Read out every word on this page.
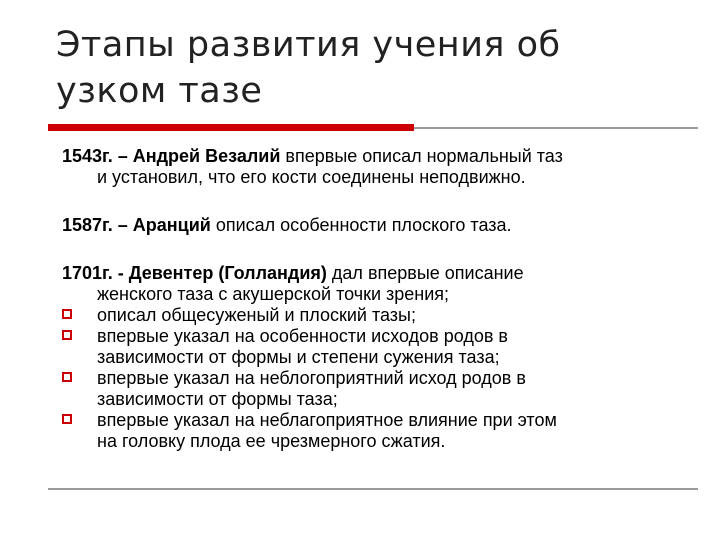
Этапы развития учения об
узком тазе
1543г. – Андрей Везалий впервые описал нормальный таз
и установил, что его кости соединены неподвижно.
1587г. – Аранций описал особенности плоского таза.
1701г. - Девентер (Голландия) дал впервые описание
женского таза с акушерской точки зрения;
описал общесуженый и плоский тазы;
впервые указал на особенности исходов родов в
зависимости от формы и степени сужения таза;
впервые указал на неблогоприятний исход родов в
зависимости от формы таза;
впервые указал на неблагоприятное влияние при этом
на головку плода ее чрезмерного сжатия.
